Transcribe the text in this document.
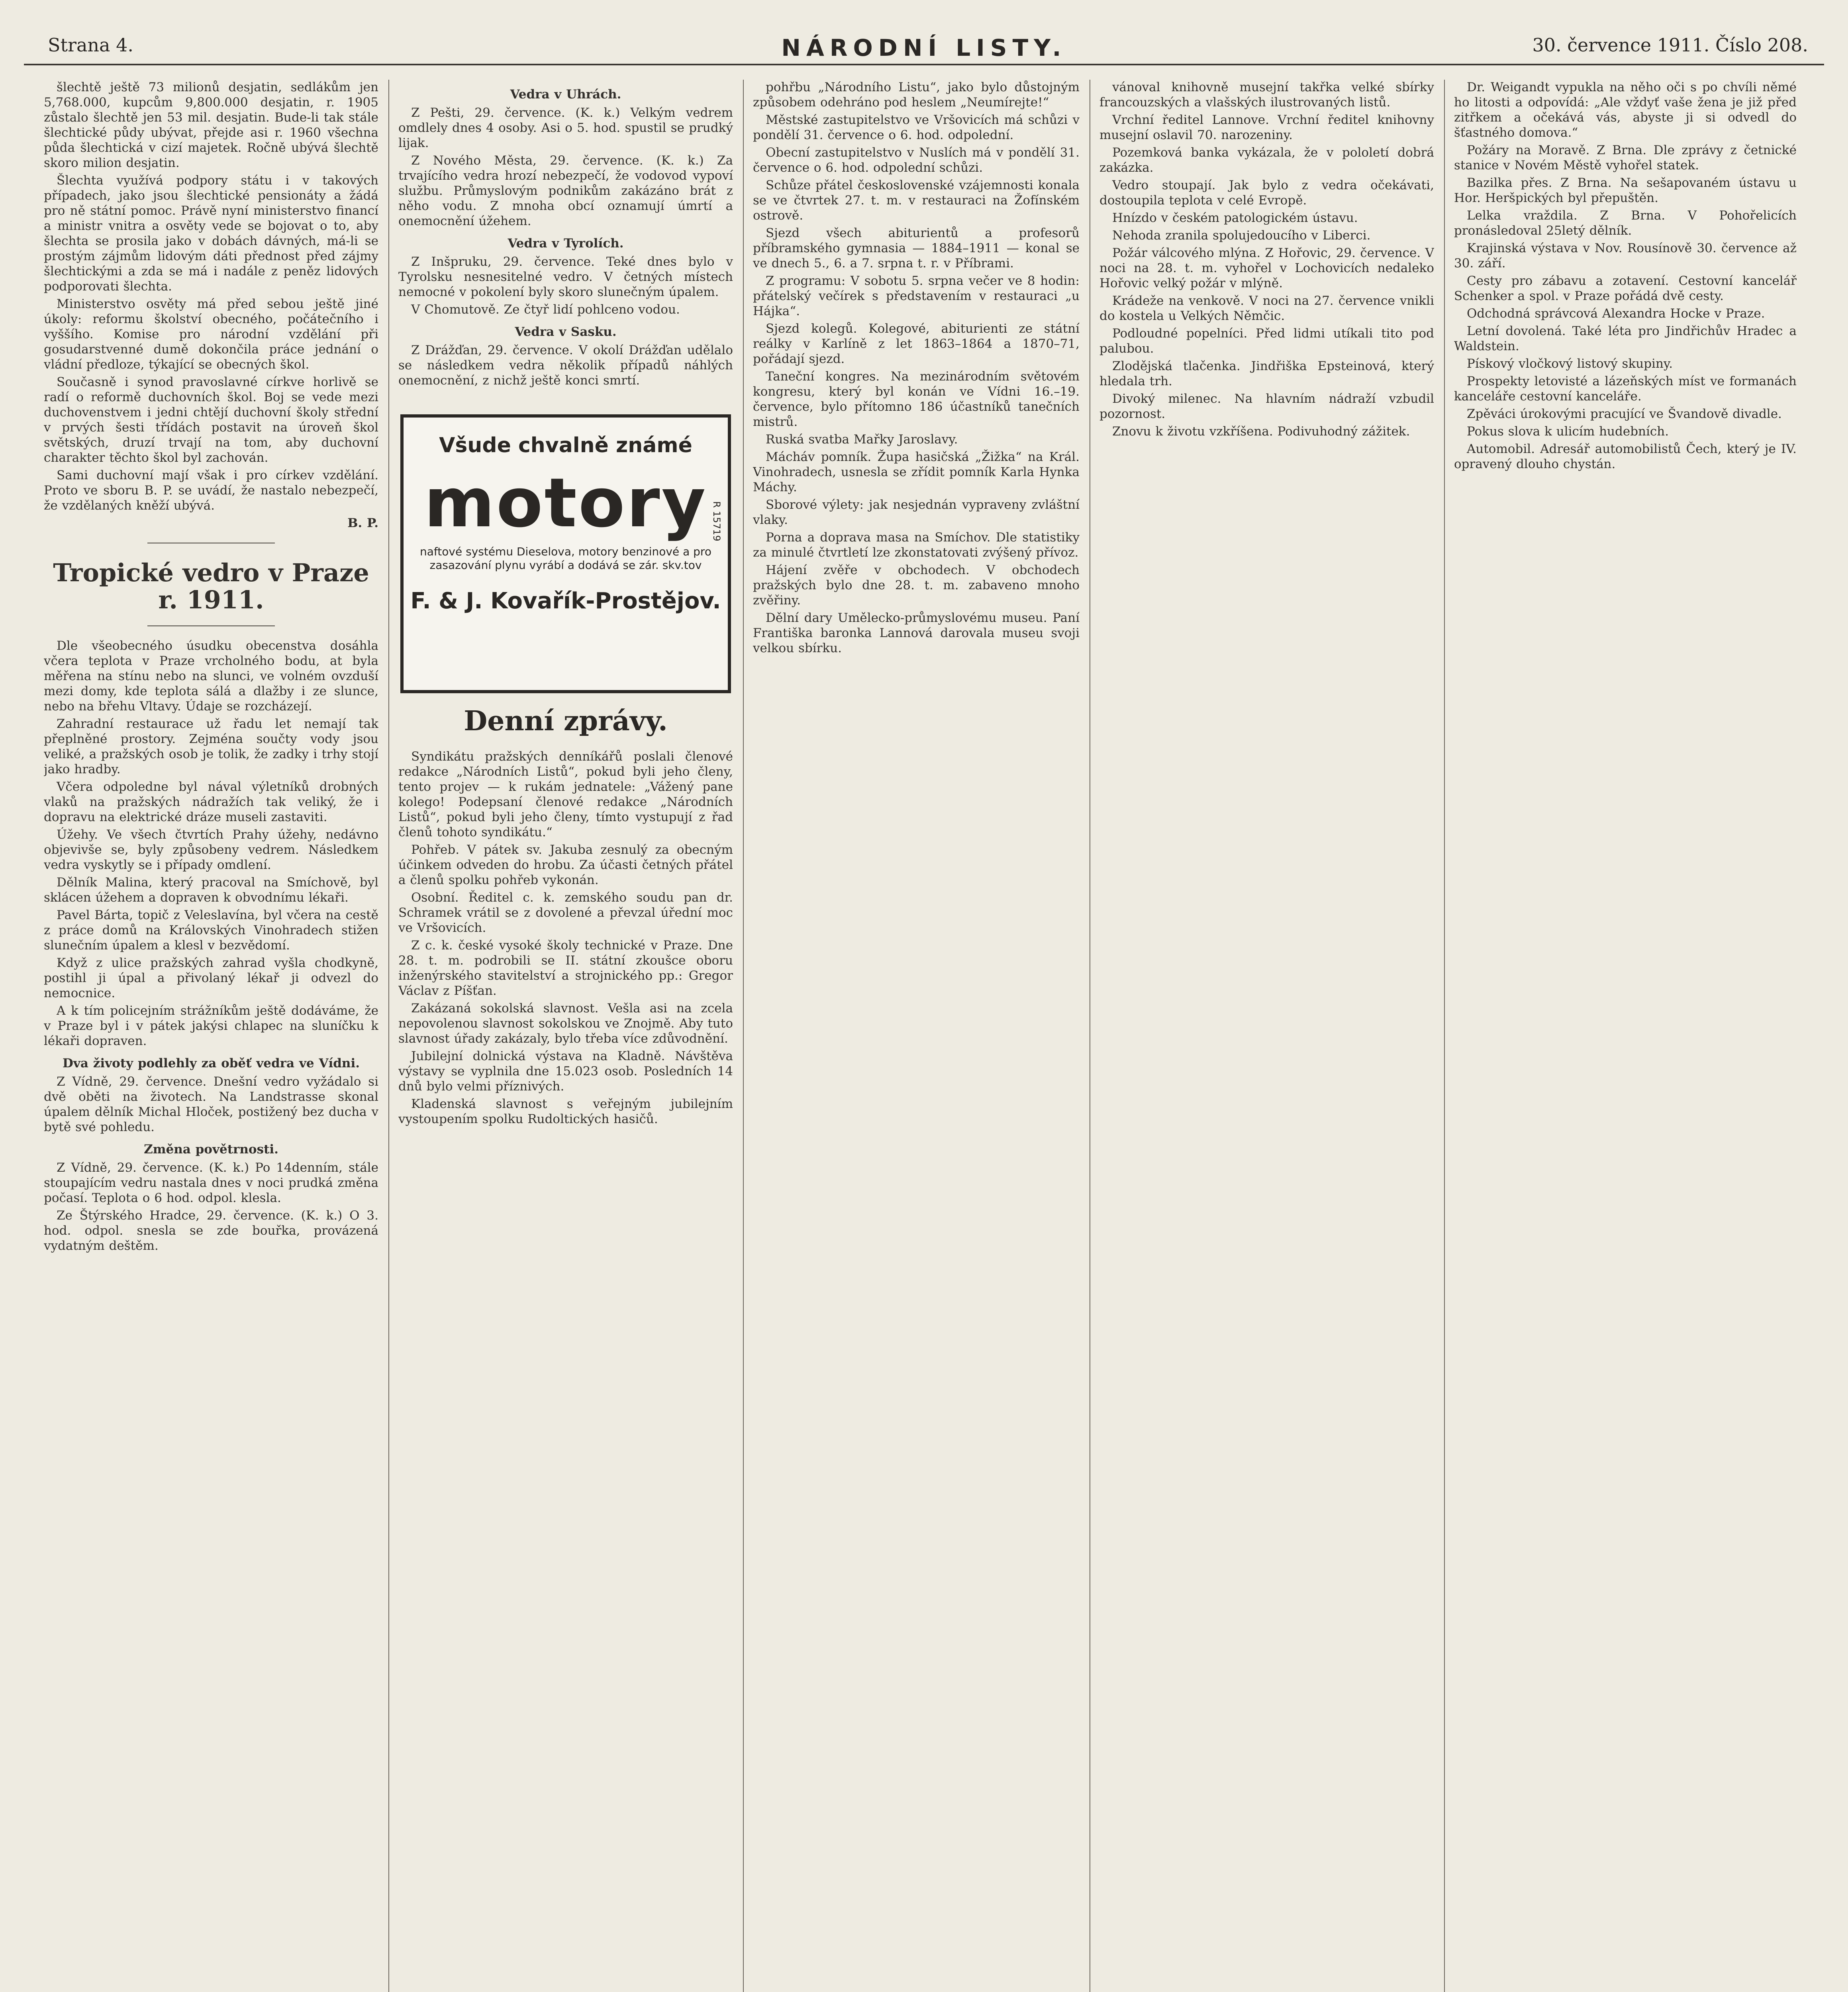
Strana 4.	NÁRODNÍ LISTY.	30. července 1911. Číslo 208.

šlechtě ještě 73 milionů desjatin, sedlákům jen 5,768.000, kupcům 9,800.000 desjatin, r. 1905 zůstalo šlechtě jen 53 mil. desjatin. Bude-li tak stále šlechtické půdy ubývat, přejde asi r. 1960 všechna půda šlechtická v cizí majetek. Ročně ubývá šlechtě skoro milion desjatin.

Šlechta využívá podpory státu i v takových případech, jako jsou šlechtické pensionáty a žádá pro ně státní pomoc. Právě nyní ministerstvo financí a ministr vnitra a osvěty vede se bojovat o to, aby šlechta se prosila jako v dobách dávných, má-li se prostým zájmům lidovým dáti přednost před zájmy šlechtickými a zda se má i nadále z peněz lidových podporovati šlechta.

Ministerstvo osvěty má před sebou ještě jiné úkoly: reformu školství obecného, počátečního i vyššího. Komise pro národní vzdělání při gosudarstvenné dumě dokončila práce jednání o vládní předloze, týkající se obecných škol.

Současně i synod pravoslavné církve horlivě se radí o reformě duchovních škol. Boj se vede mezi duchovenstvem i jedni chtějí duchovní školy střední v prvých šesti třídách postavit na úroveň škol světských, druzí trvají na tom, aby duchovní charakter těchto škol byl zachován.

Sami duchovní mají však i pro církev vzdělání. Proto ve sboru B. P. se uvádí, že nastalo nebezpečí, že vzdělaných kněží ubývá.

B. P.
Tropické vedro v Praze r. 1911.

Dle všeobecného úsudku obecenstva dosáhla včera teplota v Praze vrcholného bodu, at byla měřena na stínu nebo na slunci, ve volném ovzduší mezi domy, kde teplota sálá a dlažby i ze slunce, nebo na břehu Vltavy. Údaje se rozcházejí.

Zahradní restaurace už řadu let nemají tak přeplněné prostory. Zejména součty vody jsou veliké, a pražských osob je tolik, že zadky i trhy stojí jako hradby.

Včera odpoledne byl nával výletníků drobných vlaků na pražských nádražích tak veliký, že i dopravu na elektrické dráze museli zastaviti.

Úžehy. Ve všech čtvrtích Prahy úžehy, nedávno objevivše se, byly způsobeny vedrem. Následkem vedra vyskytly se i případy omdlení.

Dělník Malina, který pracoval na Smíchově, byl sklácen úžehem a dopraven k obvodnímu lékaři.

Pavel Bárta, topič z Veleslavína, byl včera na cestě z práce domů na Královských Vinohradech stižen slunečním úpalem a klesl v bezvědomí.

Když z ulice pražských zahrad vyšla chodkyně, postihl ji úpal a přivolaný lékař ji odvezl do nemocnice.

A k tím policejním strážníkům ještě dodáváme, že v Praze byl i v pátek jakýsi chlapec na sluníčku k lékaři dopraven.

Dva životy podlehly za oběť vedra ve Vídni.

Z Vídně, 29. července. Dnešní vedro vyžádalo si dvě oběti na životech. Na Landstrasse skonal úpalem dělník Michal Hloček, postižený bez ducha v bytě své pohledu.

Změna povětrnosti.

Z Vídně, 29. července. (K. k.) Po 14denním, stále stoupajícím vedru nastala dnes v noci prudká změna počasí. Teplota o 6 hod. odpol. klesla.

Ze Štýrského Hradce, 29. července. (K. k.) O 3. hod. odpol. snesla se zde bouřka, provázená vydatným deštěm.

Vedra v Uhrách.

Z Pešti, 29. července. (K. k.) Velkým vedrem omdlely dnes 4 osoby. Asi o 5. hod. spustil se prudký lijak.

Z Nového Města, 29. července. (K. k.) Za trvajícího vedra hrozí nebezpečí, že vodovod vypoví službu. Průmyslovým podnikům zakázáno brát z něho vodu. Z mnoha obcí oznamují úmrtí a onemocnění úžehem.

Vedra v Tyrolích.

Z Inšpruku, 29. července. Teké dnes bylo v Tyrolsku nesnesitelné vedro. V četných místech nemocné v pokolení byly skoro slunečným úpalem.

V Chomutově. Ze čtyř lidí pohlceno vodou.

Vedra v Sasku.

Z Drážďan, 29. července. V okolí Drážďan udělalo se následkem vedra několik případů náhlých onemocnění, z nichž ještě konci smrtí.

Všude chvalně známé
motory
naftové systému Dieselova, motory benzinové a pro zasazování plynu vyrábí a dodává se zár. skv.tov
F. & J. Kovařík-Prostějov.
R 15719
Denní zprávy.

Syndikátu pražských denníkářů poslali členové redakce „Národních Listů“, pokud byli jeho členy, tento projev — k rukám jednatele: „Vážený pane kolego! Podepsaní členové redakce „Národních Listů“, pokud byli jeho členy, tímto vystupují z řad členů tohoto syndikátu.“

Pohřeb. V pátek sv. Jakuba zesnulý za obecným účinkem odveden do hrobu. Za účasti četných přátel a členů spolku pohřeb vykonán.

Osobní. Ředitel c. k. zemského soudu pan dr. Schramek vrátil se z dovolené a převzal úřední moc ve Vršovicích.

Z c. k. české vysoké školy technické v Praze. Dne 28. t. m. podrobili se II. státní zkoušce oboru inženýrského stavitelství a strojnického pp.: Gregor Václav z Píšťan.

Zakázaná sokolská slavnost. Vešla asi na zcela nepovolenou slavnost sokolskou ve Znojmě. Aby tuto slavnost úřady zakázaly, bylo třeba více zdůvodnění.

Jubilejní dolnická výstava na Kladně. Návštěva výstavy se vyplnila dne 15.023 osob. Posledních 14 dnů bylo velmi příznivých.

Kladenská slavnost s veřejným jubilejním vystoupením spolku Rudoltických hasičů.

pohřbu „Národního Listu“, jako bylo důstojným způsobem odehráno pod heslem „Neumírejte!“

Městské zastupitelstvo ve Vršovicích má schůzi v pondělí 31. července o 6. hod. odpolední.

Obecní zastupitelstvo v Nuslích má v pondělí 31. července o 6. hod. odpolední schůzi.

Schůze přátel československé vzájemnosti konala se ve čtvrtek 27. t. m. v restauraci na Žofínském ostrově.

Sjezd všech abiturientů a profesorů příbramského gymnasia — 1884–1911 — konal se ve dnech 5., 6. a 7. srpna t. r. v Příbrami.

Z programu: V sobotu 5. srpna večer ve 8 hodin: přátelský večírek s představením v restauraci „u Hájka“.

Sjezd kolegů. Kolegové, abiturienti ze státní reálky v Karlíně z let 1863–1864 a 1870–71, pořádají sjezd.

Taneční kongres. Na mezinárodním světovém kongresu, který byl konán ve Vídni 16.–19. července, bylo přítomno 186 účastníků tanečních mistrů.

Ruská svatba Mařky Jaroslavy.

Mácháv pomník. Župa hasičská „Žižka“ na Král. Vinohradech, usnesla se zřídit pomník Karla Hynka Máchy.

Sborové výlety: jak nesjednán vypraveny zvláštní vlaky.

Porna a doprava masa na Smíchov. Dle statistiky za minulé čtvrtletí lze zkonstatovati zvýšený přívoz.

Hájení zvěře v obchodech. V obchodech pražských bylo dne 28. t. m. zabaveno mnoho zvěřiny.

Dělní dary Umělecko-průmyslovému museu. Paní Františka baronka Lannová darovala museu svoji velkou sbírku.

vánoval knihovně musejní takřka velké sbírky francouzských a vlašských ilustrovaných listů.

Vrchní ředitel Lannove. Vrchní ředitel knihovny musejní oslavil 70. narozeniny.

Pozemková banka vykázala, že v pololetí dobrá zakázka.

Vedro stoupají. Jak bylo z vedra očekávati, dostoupila teplota v celé Evropě.

Hnízdo v českém patologickém ústavu.

Nehoda zranila spolujedoucího v Liberci.

Požár válcového mlýna. Z Hořovic, 29. července. V noci na 28. t. m. vyhořel v Lochovicích nedaleko Hořovic velký požár v mlýně.

Krádeže na venkově. V noci na 27. července vnikli do kostela u Velkých Němčic.

Podloudné popelníci. Před lidmi utíkali tito pod palubou.

Zlodějská tlačenka. Jindřiška Epsteinová, který hledala trh.

Divoký milenec. Na hlavním nádraží vzbudil pozornost.

Znovu k životu vzkříšena. Podivuhodný zážitek.

Dr. Weigandt vypukla na něho oči s po chvíli němé ho litosti a odpovídá: „Ale vždyť vaše žena je již před zitřkem a očekává vás, abyste ji si odvedl do šťastného domova.“

Požáry na Moravě. Z Brna. Dle zprávy z četnické stanice v Novém Městě vyhořel statek.

Bazilka přes. Z Brna. Na sešapovaném ústavu u Hor. Heršpických byl přepuštěn.

Lelka vraždila. Z Brna. V Pohořelicích pronásledoval 25letý dělník.

Krajinská výstava v Nov. Rousínově 30. července až 30. září.

Cesty pro zábavu a zotavení. Cestovní kancelář Schenker a spol. v Praze pořádá dvě cesty.

Odchodná správcová Alexandra Hocke v Praze.

Letní dovolená. Také léta pro Jindřichův Hradec a Waldstein.

Pískový vločkový listový skupiny.

Prospekty letovisté a lázeňských míst ve formanách kanceláře cestovní kanceláře.

Zpěváci úrokovými pracující ve Švandově divadle.

Pokus slova k ulicím hudebních.

Automobil. Adresář automobilistů Čech, který je IV. opravený dlouho chystán.
